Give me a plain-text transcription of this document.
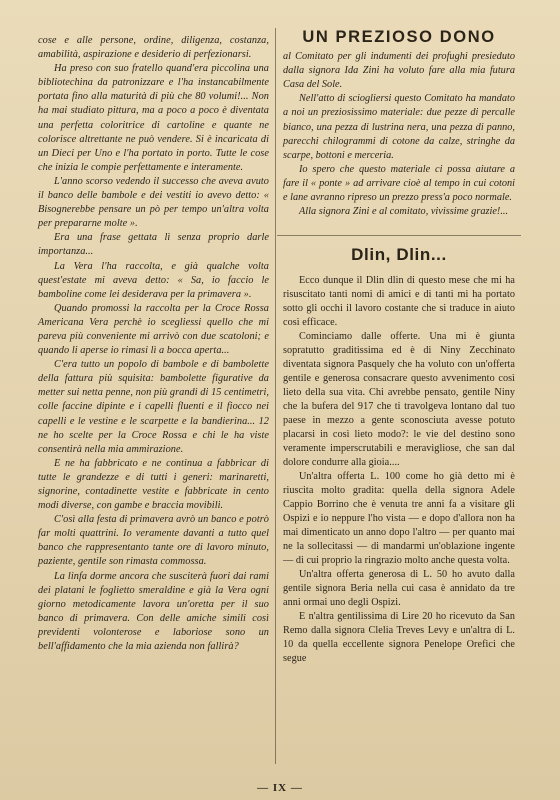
cose e alle persone, ordine, diligenza, costanza, amabilità, aspirazione e desiderio di perfezionarsi.

Ha preso con suo fratello quand'era piccolina una bibliotechina da patronizzare e l'ha instancabilmente portata fino alla maturità di più che 80 volumi!... Non ha mai studiato pittura, ma a poco a poco è diventata una perfetta coloritrice di cartoline e quante ne colorisce altrettante ne può vendere. Si è incaricata di un Dieci per Uno e l'ha portato in porto. Tutte le cose che inizia le compie perfettamente e interamente.

L'anno scorso vedendo il successo che aveva avuto il banco delle bambole e dei vestiti io avevo detto: « Bisognerebbe pensare un pò per tempo un'altra volta per prepararne molte ».

Era una frase gettata lì senza proprio darle importanza...

La Vera l'ha raccolta, e già qualche volta quest'estate mi aveva detto: « Sa, io faccio le bamboline come lei desiderava per la primavera ».

Quando promossi la raccolta per la Croce Rossa Americana Vera perchè io scegliessi quello che mi pareva più conveniente mi arrivò con due scatoloni; e quando li aperse io rimasi lì a bocca aperta...

C'era tutto un popolo di bambole e di bambolette della fattura più squisita: bambolette figurative da metter sui netta penne, non più grandi di 15 centimetri, colle faccine dipinte e i capelli fluenti e il fiocco nei capelli e le vestine e le scarpette e la bandierina... 12 ne ho scelte per la Croce Rossa e chi le ha viste consentirà nella mia ammirazione.

E ne ha fabbricato e ne continua a fabbricar di tutte le grandezze e di tutti i generi: marinaretti, signorine, contadinette vestite e fabbricate in cento modi diverse, con gambe e braccia movibili.

C'osì alla festa di primavera avrò un banco e potrò far molti quattrini. Io veramente davanti a tutto quel banco che rappresentanto tante ore di lavoro minuto, paziente, gentile son rimasta commossa.

La linfa dorme ancora che susciterà fuori dai rami dei platani le foglietto smeraldine e già la Vera ogni giorno metodicamente lavora un'oretta per il suo banco di primavera. Con delle amiche simili così previdenti volonterose e laboriose sono un bell'affidamento che la mia azienda non fallirà?

UN PREZIOSO DONO

al Comitato per gli indumenti dei profughi presieduto dalla signora Ida Zini ha voluto fare alla mia futura Casa del Sole.

Nell'atto di sciogliersi questo Comitato ha mandato a noi un preziosissimo materiale: due pezze di percalle bianco, una pezza di lustrina nera, una pezza di panno, parecchi chilogrammi di cotone da calze, stringhe da scarpe, bottoni e merceria.

Io spero che questo materiale ci possa aiutare a fare il « ponte » ad arrivare cioè al tempo in cui cotoni e lane avranno ripreso un prezzo press'a poco normale.

Alla signora Zini e al comitato, vivissime grazie!...

Dlin, Dlin...

Ecco dunque il Dlin dlin di questo mese che mi ha risuscitato tanti nomi di amici e di tanti mi ha portato sotto gli occhi il lavoro costante che si traduce in aiuto così efficace.

Cominciamo dalle offerte. Una mi è giunta sopratutto graditissima ed è di Niny Zecchinato diventata signora Pasquely che ha voluto con un'offerta gentile e generosa consacrare questo avvenimento così lieto della sua vita. Chi avrebbe pensato, gentile Niny che la bufera del 917 che ti travolgeva lontano dal tuo paese in mezzo a gente sconosciuta avesse potuto placarsi in così lieto modo?: le vie del destino sono veramente imperscrutabili e meravigliose, che san dal dolore condurre alla gioia....

Un'altra offerta L. 100 come ho già detto mi è riuscita molto gradita: quella della signora Adele Cappio Borrino che è venuta tre anni fa a visitare gli Ospizi e io neppure l'ho vista — e dopo d'allora non ha mai dimenticato un anno dopo l'altro — per quanto mai ne la sollecitassi — di mandarmi un'oblazione ingente — di cui proprio la ringrazio molto anche questa volta.

Un'altra offerta generosa di L. 50 ho avuto dalla gentile signora Beria nella cui casa è annidato da tre anni ormai uno degli Ospizi.

E n'altra gentilissima di Lire 20 ho ricevuto da San Remo dalla signora Clelia Treves Levy e un'altra di L. 10 da quella eccellente signora Penelope Orefici che segue

— IX —
